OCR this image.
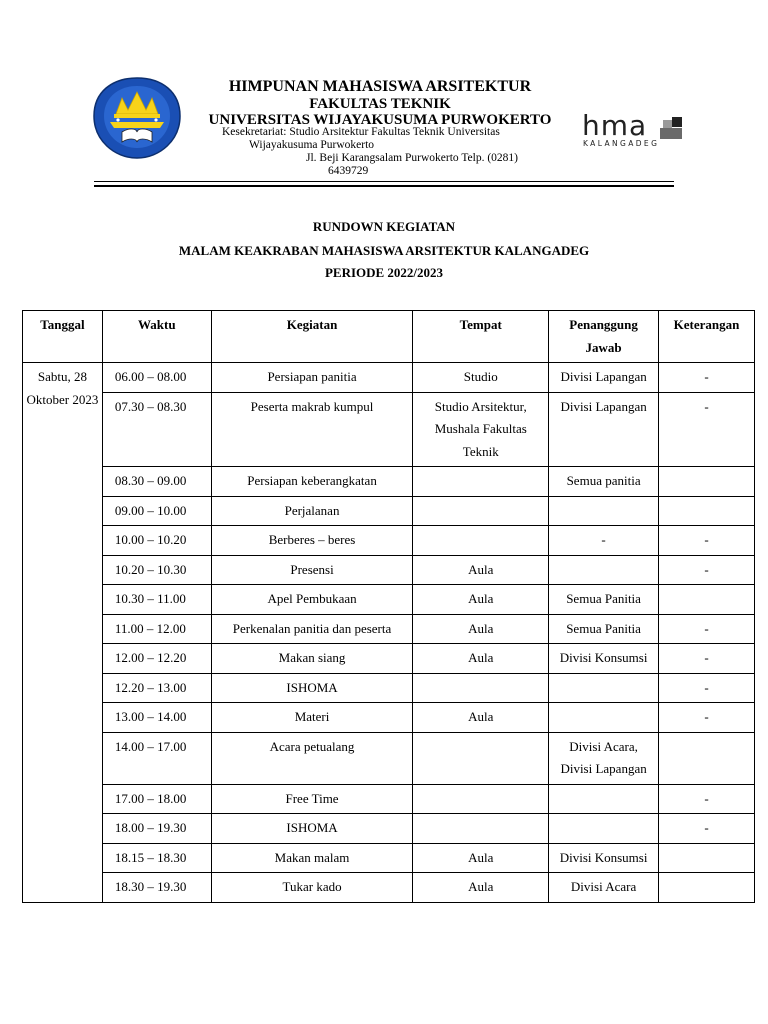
HIMPUNAN MAHASISWA ARSITEKTUR
FAKULTAS TEKNIK
UNIVERSITAS WIJAYAKUSUMA PURWOKERTO
Kesekretariat: Studio Arsitektur Fakultas Teknik Universitas
Wijayakusuma Purwokerto
Jl. Beji Karangsalam Purwokerto Telp. (0281)
6439729
hma
KALANGADEG
RUNDOWN KEGIATAN
MALAM KEAKRABAN MAHASISWA ARSITEKTUR KALANGADEG
PERIODE 2022/2023
Tanggal	Waktu	Kegiatan	Tempat	Penanggung Jawab	Keterangan
Sabtu, 28 Oktober 2023	06.00 – 08.00	Persiapan panitia	Studio	Divisi Lapangan	-
	07.30 – 08.30	Peserta makrab kumpul	Studio Arsitektur, Mushala Fakultas Teknik	Divisi Lapangan	-
	08.30 – 09.00	Persiapan keberangkatan		Semua panitia	
	09.00 – 10.00	Perjalanan			
	10.00 – 10.20	Berberes – beres		-	-
	10.20 – 10.30	Presensi	Aula		-
	10.30 – 11.00	Apel Pembukaan	Aula	Semua Panitia	
	11.00 – 12.00	Perkenalan panitia dan peserta	Aula	Semua Panitia	-
	12.00 – 12.20	Makan siang	Aula	Divisi Konsumsi	-
	12.20 – 13.00	ISHOMA			-
	13.00 – 14.00	Materi	Aula		-
	14.00 – 17.00	Acara petualang		Divisi Acara, Divisi Lapangan	
	17.00 – 18.00	Free Time			-
	18.00 – 19.30	ISHOMA			-
	18.15 – 18.30	Makan malam	Aula	Divisi Konsumsi	
	18.30 – 19.30	Tukar kado	Aula	Divisi Acara	
